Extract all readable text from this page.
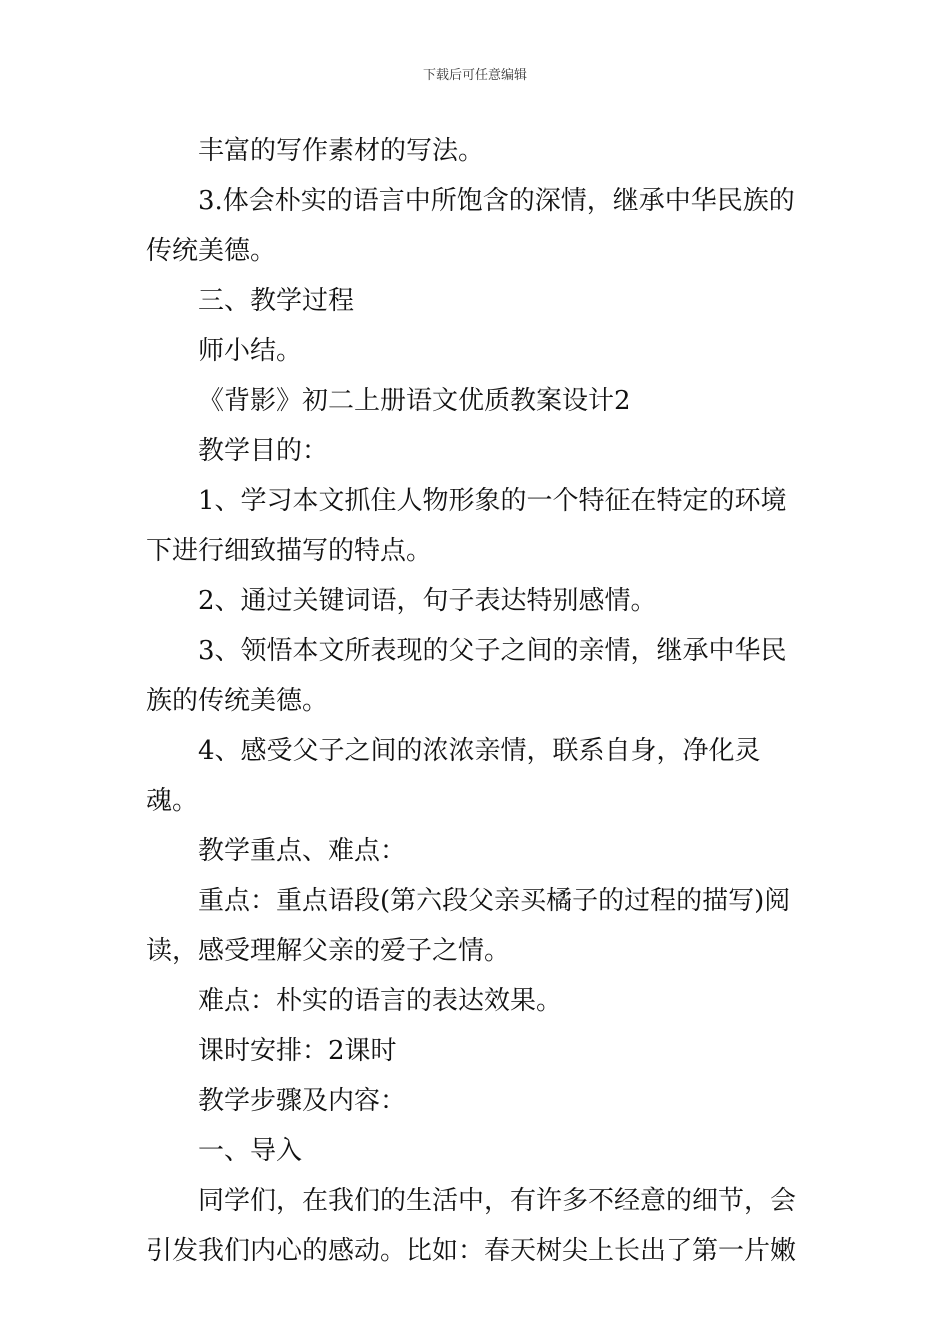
下载后可任意编辑

丰富的写作素材的写法。

3.体会朴实的语言中所饱含的深情，继承中华民族的传统美德。

三、教学过程

师小结。

《背影》初二上册语文优质教案设计2

教学目的：

1、学习本文抓住人物形象的一个特征在特定的环境下进行细致描写的特点。

2、通过关键词语，句子表达特别感情。

3、领悟本文所表现的父子之间的亲情，继承中华民族的传统美德。

4、感受父子之间的浓浓亲情，联系自身，净化灵魂。

教学重点、难点：

重点：重点语段(第六段父亲买橘子的过程的描写)阅读，感受理解父亲的爱子之情。

难点：朴实的语言的表达效果。

课时安排：2课时

教学步骤及内容：

一、导入

同学们，在我们的生活中，有许多不经意的细节，会引发我们内心的感动。比如：春天树尖上长出了第一片嫩
